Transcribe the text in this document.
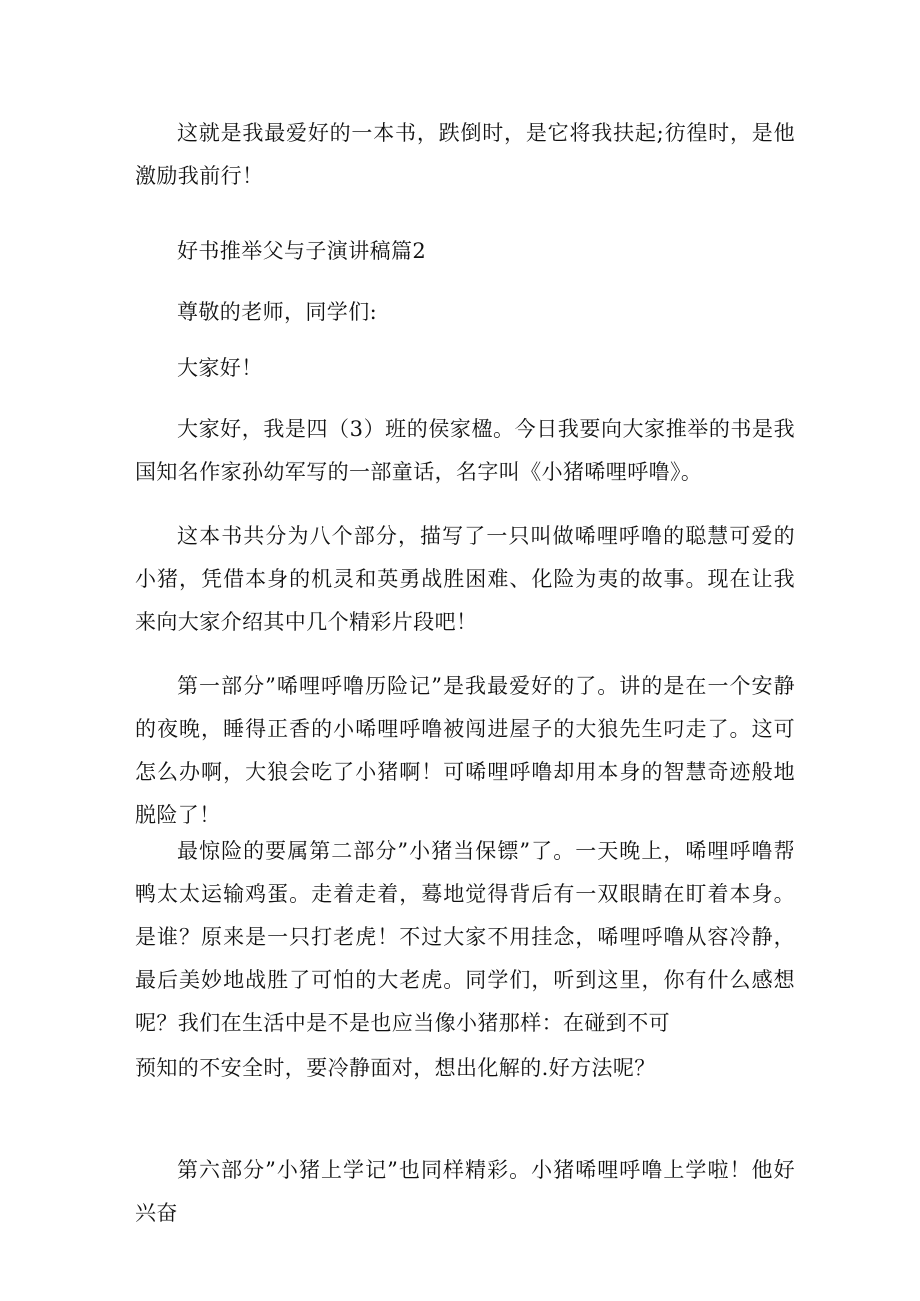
这就是我最爱好的一本书，跌倒时，是它将我扶起;彷徨时，是他激励我前行！

好书推举父与子演讲稿篇2

尊敬的老师，同学们:

大家好！

大家好，我是四（3）班的侯家楹。今日我要向大家推举的书是我国知名作家孙幼军写的一部童话，名字叫《小猪唏哩呼噜》。

这本书共分为八个部分，描写了一只叫做唏哩呼噜的聪慧可爱的小猪，凭借本身的机灵和英勇战胜困难、化险为夷的故事。现在让我来向大家介绍其中几个精彩片段吧！

第一部分”唏哩呼噜历险记”是我最爱好的了。讲的是在一个安静的夜晚，睡得正香的小唏哩呼噜被闯进屋子的大狼先生叼走了。这可怎么办啊，大狼会吃了小猪啊！可唏哩呼噜却用本身的智慧奇迹般地脱险了！

最惊险的要属第二部分”小猪当保镖”了。一天晚上，唏哩呼噜帮鸭太太运输鸡蛋。走着走着，蓦地觉得背后有一双眼睛在盯着本身。是谁？原来是一只打老虎！不过大家不用挂念，唏哩呼噜从容冷静，最后美妙地战胜了可怕的大老虎。同学们，听到这里，你有什么感想呢？我们在生活中是不是也应当像小猪那样：在碰到不可

预知的不安全时，要冷静面对，想出化解的.好方法呢？

第六部分”小猪上学记”也同样精彩。小猪唏哩呼噜上学啦！他好兴奋
